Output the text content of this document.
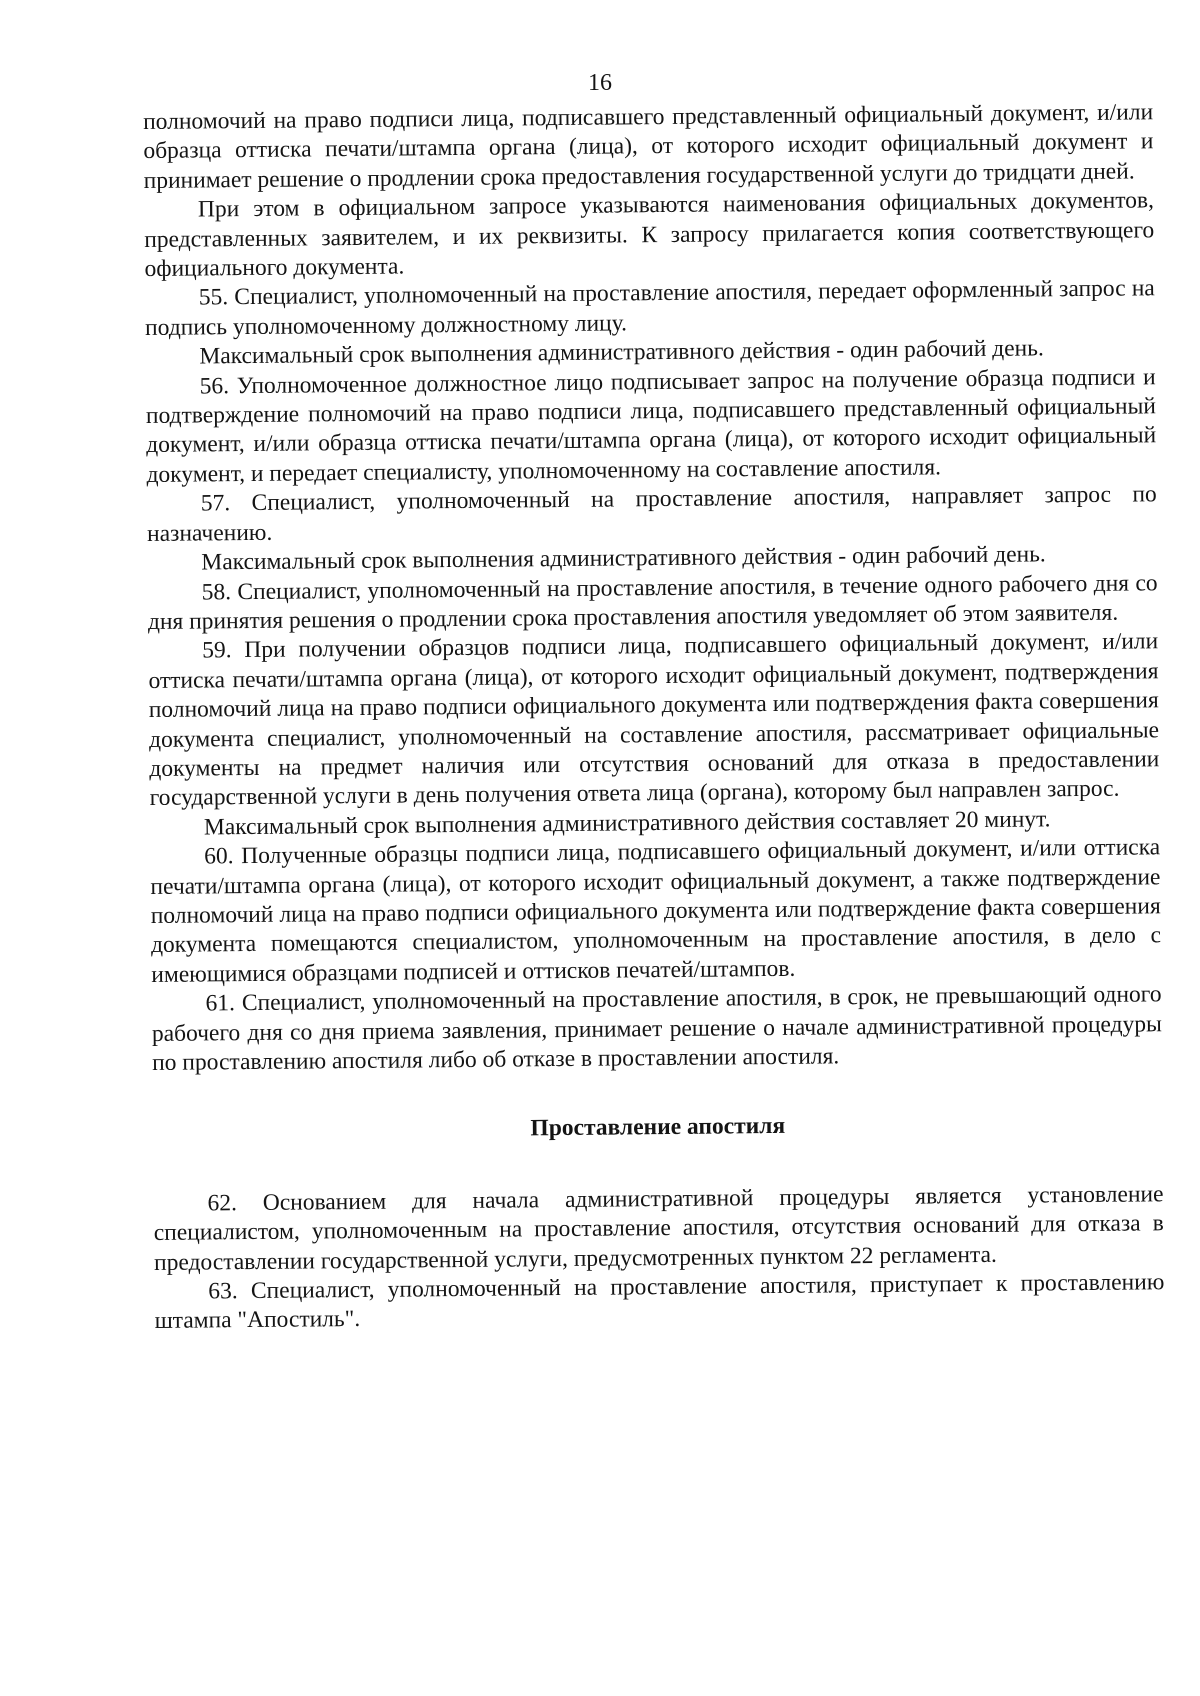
16

полномочий на право подписи лица, подписавшего представленный официальный документ, и/или образца оттиска печати/штампа органа (лица), от которого исходит официальный документ и принимает решение о продлении срока предоставления государственной услуги до тридцати дней.

При этом в официальном запросе указываются наименования официальных документов, представленных заявителем, и их реквизиты. К запросу прилагается копия соответствующего официального документа.

55. Специалист, уполномоченный на проставление апостиля, передает оформленный запрос на подпись уполномоченному должностному лицу.

Максимальный срок выполнения административного действия - один рабочий день.

56. Уполномоченное должностное лицо подписывает запрос на получение образца подписи и подтверждение полномочий на право подписи лица, подписавшего представленный официальный документ, и/или образца оттиска печати/штампа органа (лица), от которого исходит официальный документ, и передает специалисту, уполномоченному на составление апостиля.

57. Специалист, уполномоченный на проставление апостиля, направляет запрос по назначению.

Максимальный срок выполнения административного действия - один рабочий день.

58. Специалист, уполномоченный на проставление апостиля, в течение одного рабочего дня со дня принятия решения о продлении срока проставления апостиля уведомляет об этом заявителя.

59. При получении образцов подписи лица, подписавшего официальный документ, и/или оттиска печати/штампа органа (лица), от которого исходит официальный документ, подтверждения полномочий лица на право подписи официального документа или подтверждения факта совершения документа специалист, уполномоченный на составление апостиля, рассматривает официальные документы на предмет наличия или отсутствия оснований для отказа в предоставлении государственной услуги в день получения ответа лица (органа), которому был направлен запрос.

Максимальный срок выполнения административного действия составляет 20 минут.

60. Полученные образцы подписи лица, подписавшего официальный документ, и/или оттиска печати/штампа органа (лица), от которого исходит официальный документ, а также подтверждение полномочий лица на право подписи официального документа или подтверждение факта совершения документа помещаются специалистом, уполномоченным на проставление апостиля, в дело с имеющимися образцами подписей и оттисков печатей/штампов.

61. Специалист, уполномоченный на проставление апостиля, в срок, не превышающий одного рабочего дня со дня приема заявления, принимает решение о начале административной процедуры по проставлению апостиля либо об отказе в проставлении апостиля.

Проставление апостиля

62. Основанием для начала административной процедуры является установление специалистом, уполномоченным на проставление апостиля, отсутствия оснований для отказа в предоставлении государственной услуги, предусмотренных пунктом 22 регламента.

63. Специалист, уполномоченный на проставление апостиля, приступает к проставлению штампа "Апостиль".
